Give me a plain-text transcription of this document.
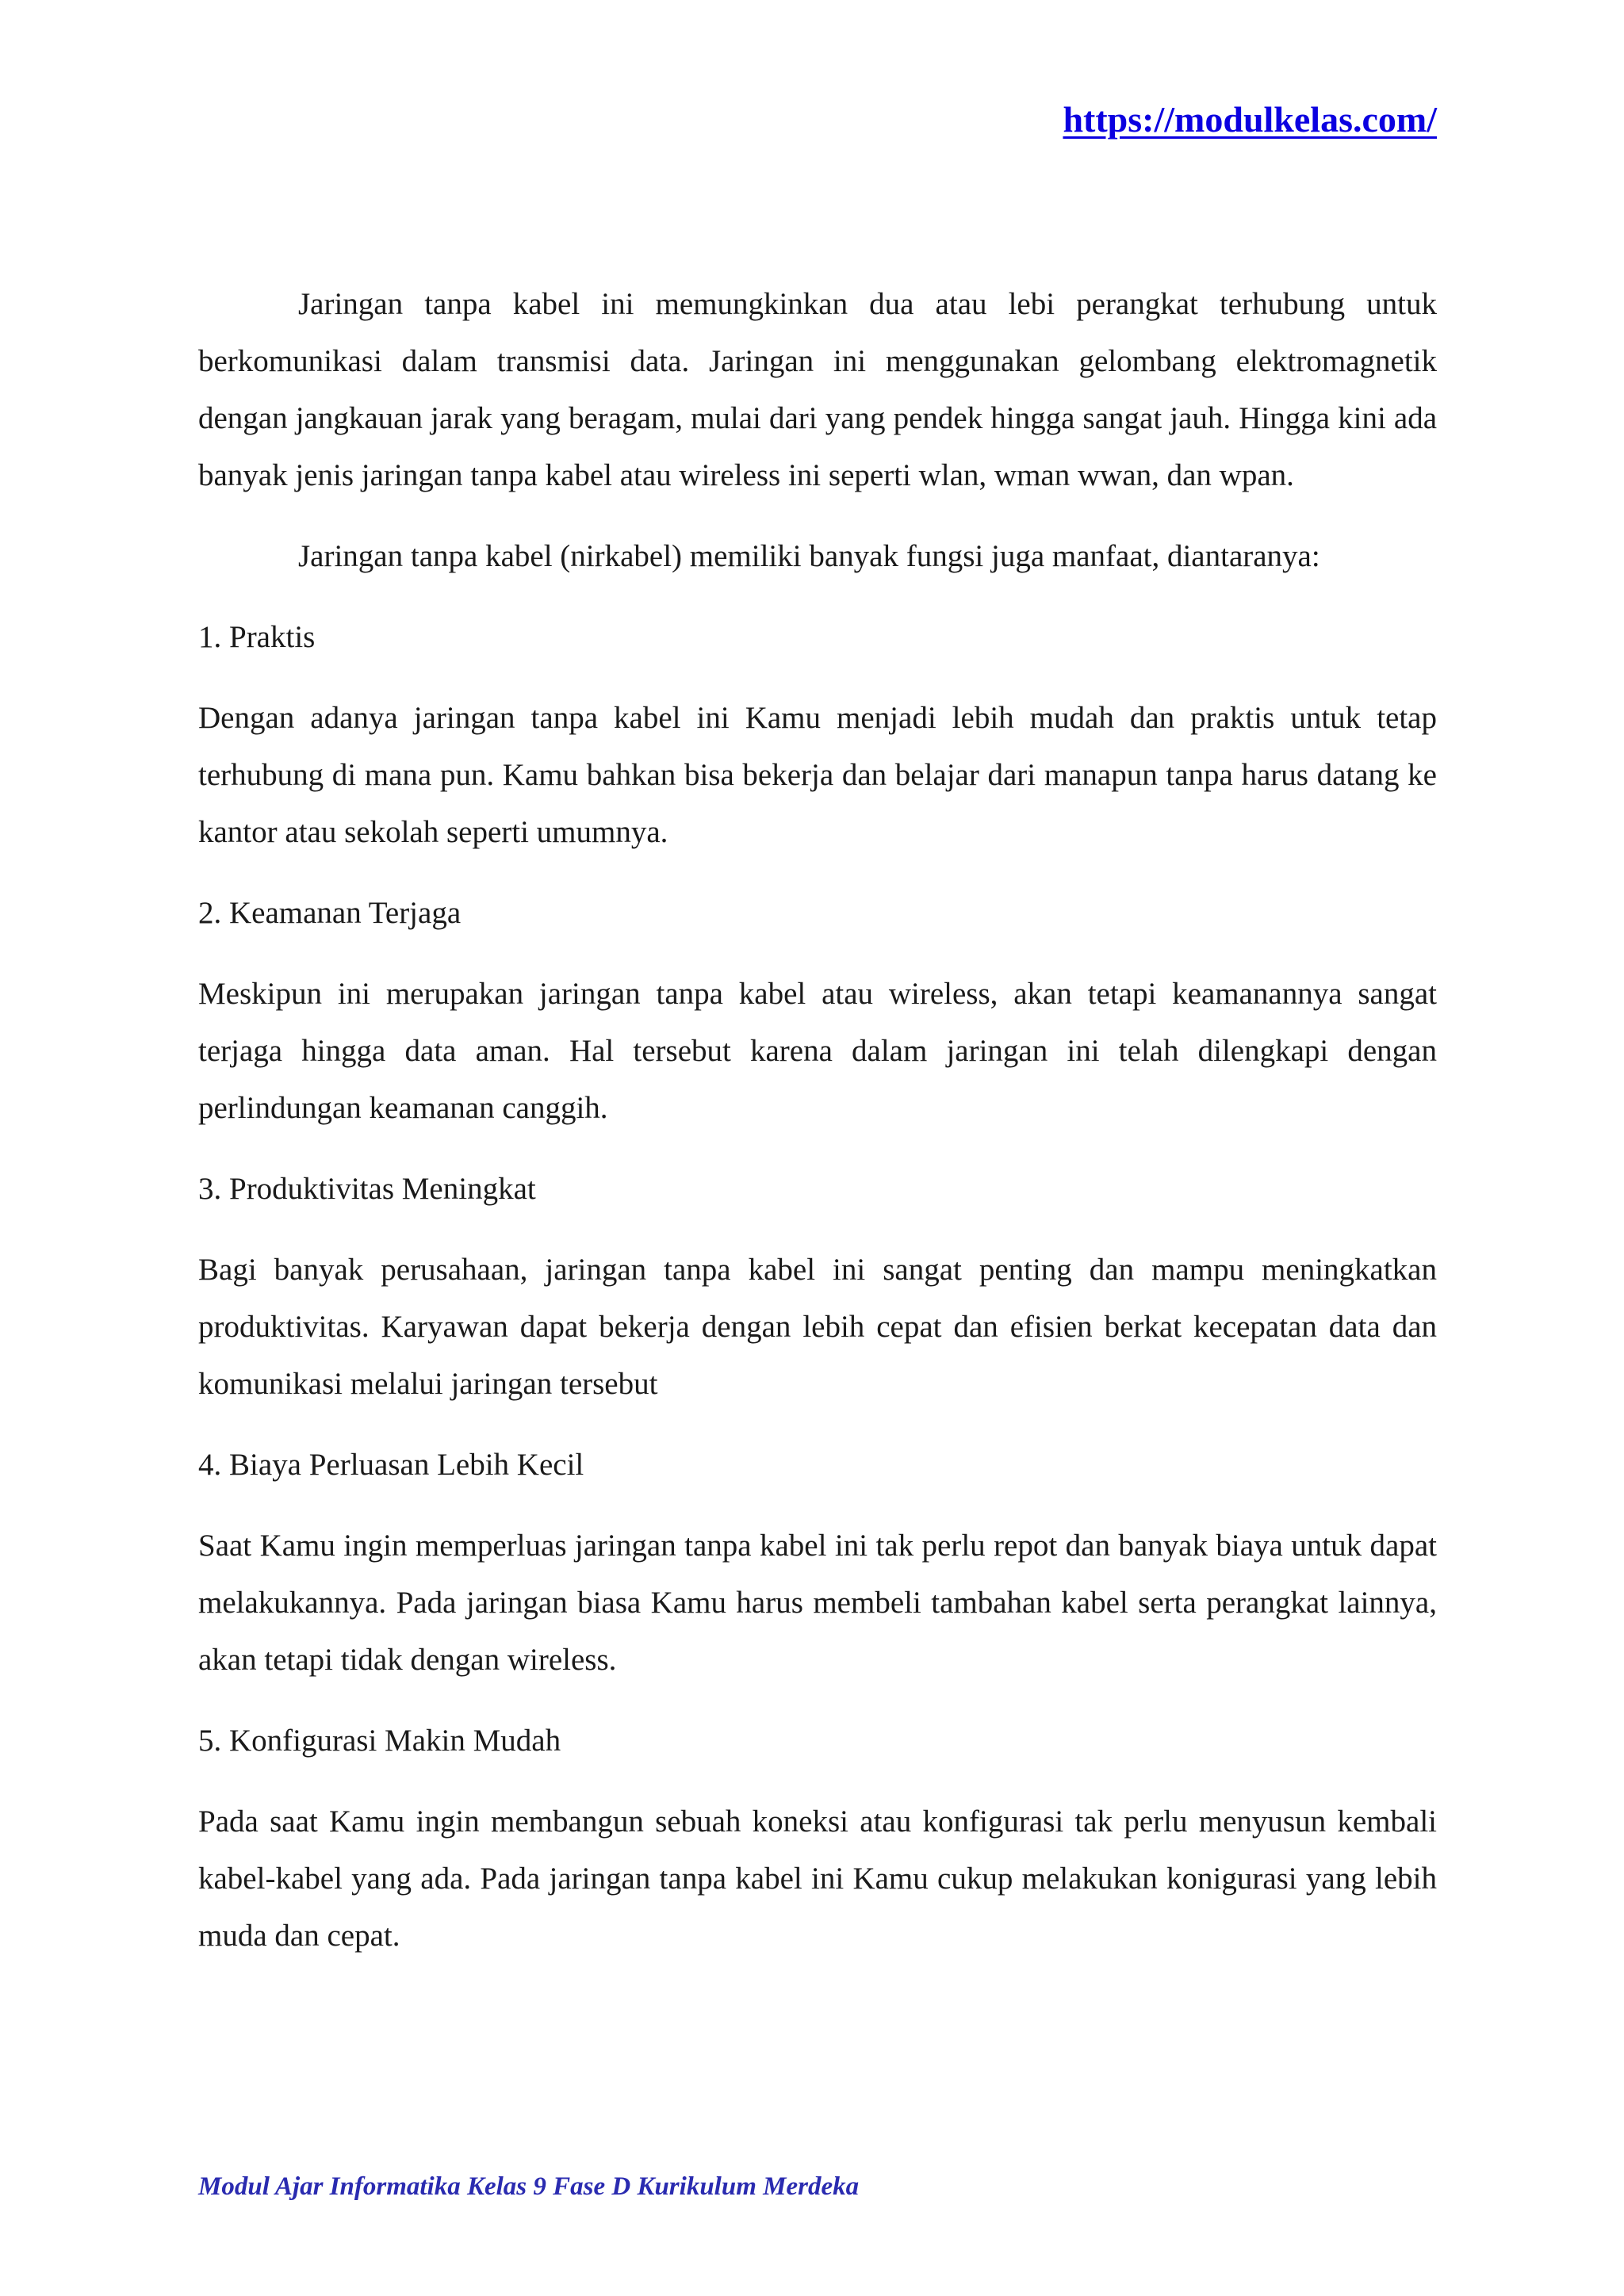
https://modulkelas.com/

Jaringan tanpa kabel ini memungkinkan dua atau lebi perangkat terhubung untuk berkomunikasi dalam transmisi data. Jaringan ini menggunakan gelombang elektromagnetik dengan jangkauan jarak yang beragam, mulai dari yang pendek hingga sangat jauh. Hingga kini ada banyak jenis jaringan tanpa kabel atau wireless ini seperti wlan, wman wwan, dan wpan.

Jaringan tanpa kabel (nirkabel) memiliki banyak fungsi juga manfaat, diantaranya:

1. Praktis

Dengan adanya jaringan tanpa kabel ini Kamu menjadi lebih mudah dan praktis untuk tetap terhubung di mana pun. Kamu bahkan bisa bekerja dan belajar dari manapun tanpa harus datang ke kantor atau sekolah seperti umumnya.

2. Keamanan Terjaga

Meskipun ini merupakan jaringan tanpa kabel atau wireless, akan tetapi keamanannya sangat terjaga hingga data aman. Hal tersebut karena dalam jaringan ini telah dilengkapi dengan perlindungan keamanan canggih.

3. Produktivitas Meningkat

Bagi banyak perusahaan, jaringan tanpa kabel ini sangat penting dan mampu meningkatkan produktivitas. Karyawan dapat bekerja dengan lebih cepat dan efisien berkat kecepatan data dan komunikasi melalui jaringan tersebut

4. Biaya Perluasan Lebih Kecil

Saat Kamu ingin memperluas jaringan tanpa kabel ini tak perlu repot dan banyak biaya untuk dapat melakukannya. Pada jaringan biasa Kamu harus membeli tambahan kabel serta perangkat lainnya, akan tetapi tidak dengan wireless.

5. Konfigurasi Makin Mudah

Pada saat Kamu ingin membangun sebuah koneksi atau konfigurasi tak perlu menyusun kembali kabel-kabel yang ada. Pada jaringan tanpa kabel ini Kamu cukup melakukan konigurasi yang lebih muda dan cepat.

Modul Ajar Informatika Kelas 9 Fase D Kurikulum Merdeka
